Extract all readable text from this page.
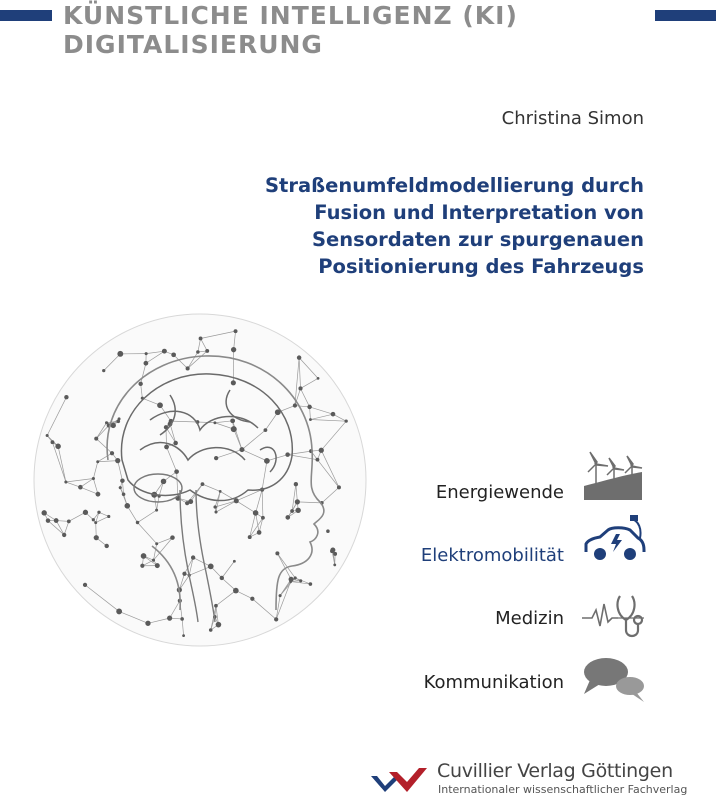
KÜNSTLICHE INTELLIGENZ (KI)
DIGITALISIERUNG
Christina Simon
Straßenumfeldmodellierung durch
Fusion und Interpretation von
Sensordaten zur spurgenauen
Positionierung des Fahrzeugs
Energiewende
Elektromobilität
Medizin
Kommunikation
Cuvillier Verlag Göttingen
Internationaler wissenschaftlicher Fachverlag
